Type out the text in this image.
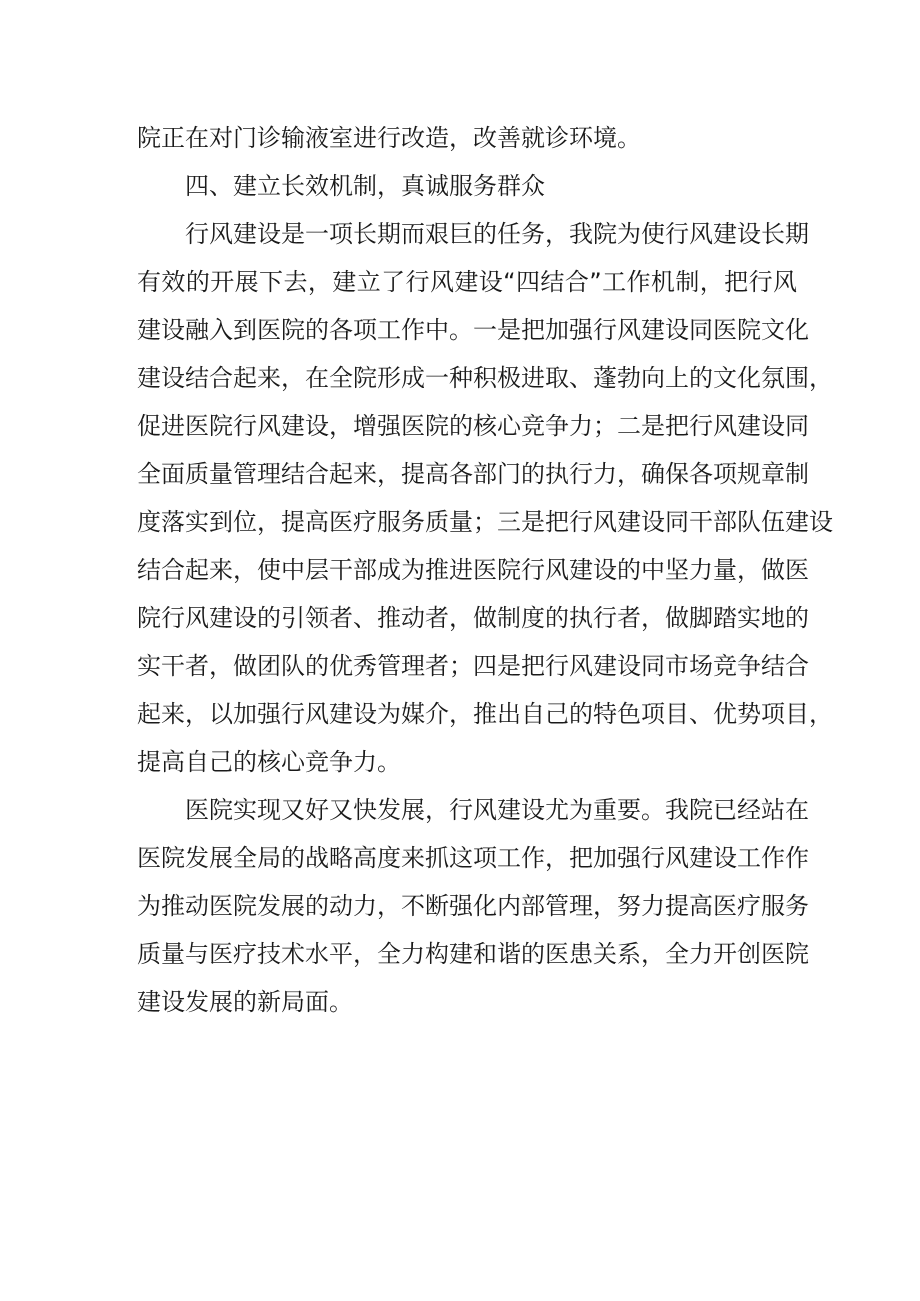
院正在对门诊输液室进行改造，改善就诊环境。
四、建立长效机制，真诚服务群众
行风建设是一项长期而艰巨的任务，我院为使行风建设长期
有效的开展下去，建立了行风建设“四结合”工作机制，把行风
建设融入到医院的各项工作中。一是把加强行风建设同医院文化
建设结合起来，在全院形成一种积极进取、蓬勃向上的文化氛围，
促进医院行风建设，增强医院的核心竞争力；二是把行风建设同
全面质量管理结合起来，提高各部门的执行力，确保各项规章制
度落实到位，提高医疗服务质量；三是把行风建设同干部队伍建设
结合起来，使中层干部成为推进医院行风建设的中坚力量，做医
院行风建设的引领者、推动者，做制度的执行者，做脚踏实地的
实干者，做团队的优秀管理者；四是把行风建设同市场竞争结合
起来，以加强行风建设为媒介，推出自己的特色项目、优势项目，
提高自己的核心竞争力。
医院实现又好又快发展，行风建设尤为重要。我院已经站在
医院发展全局的战略高度来抓这项工作，把加强行风建设工作作
为推动医院发展的动力，不断强化内部管理，努力提高医疗服务
质量与医疗技术水平，全力构建和谐的医患关系，全力开创医院
建设发展的新局面。
